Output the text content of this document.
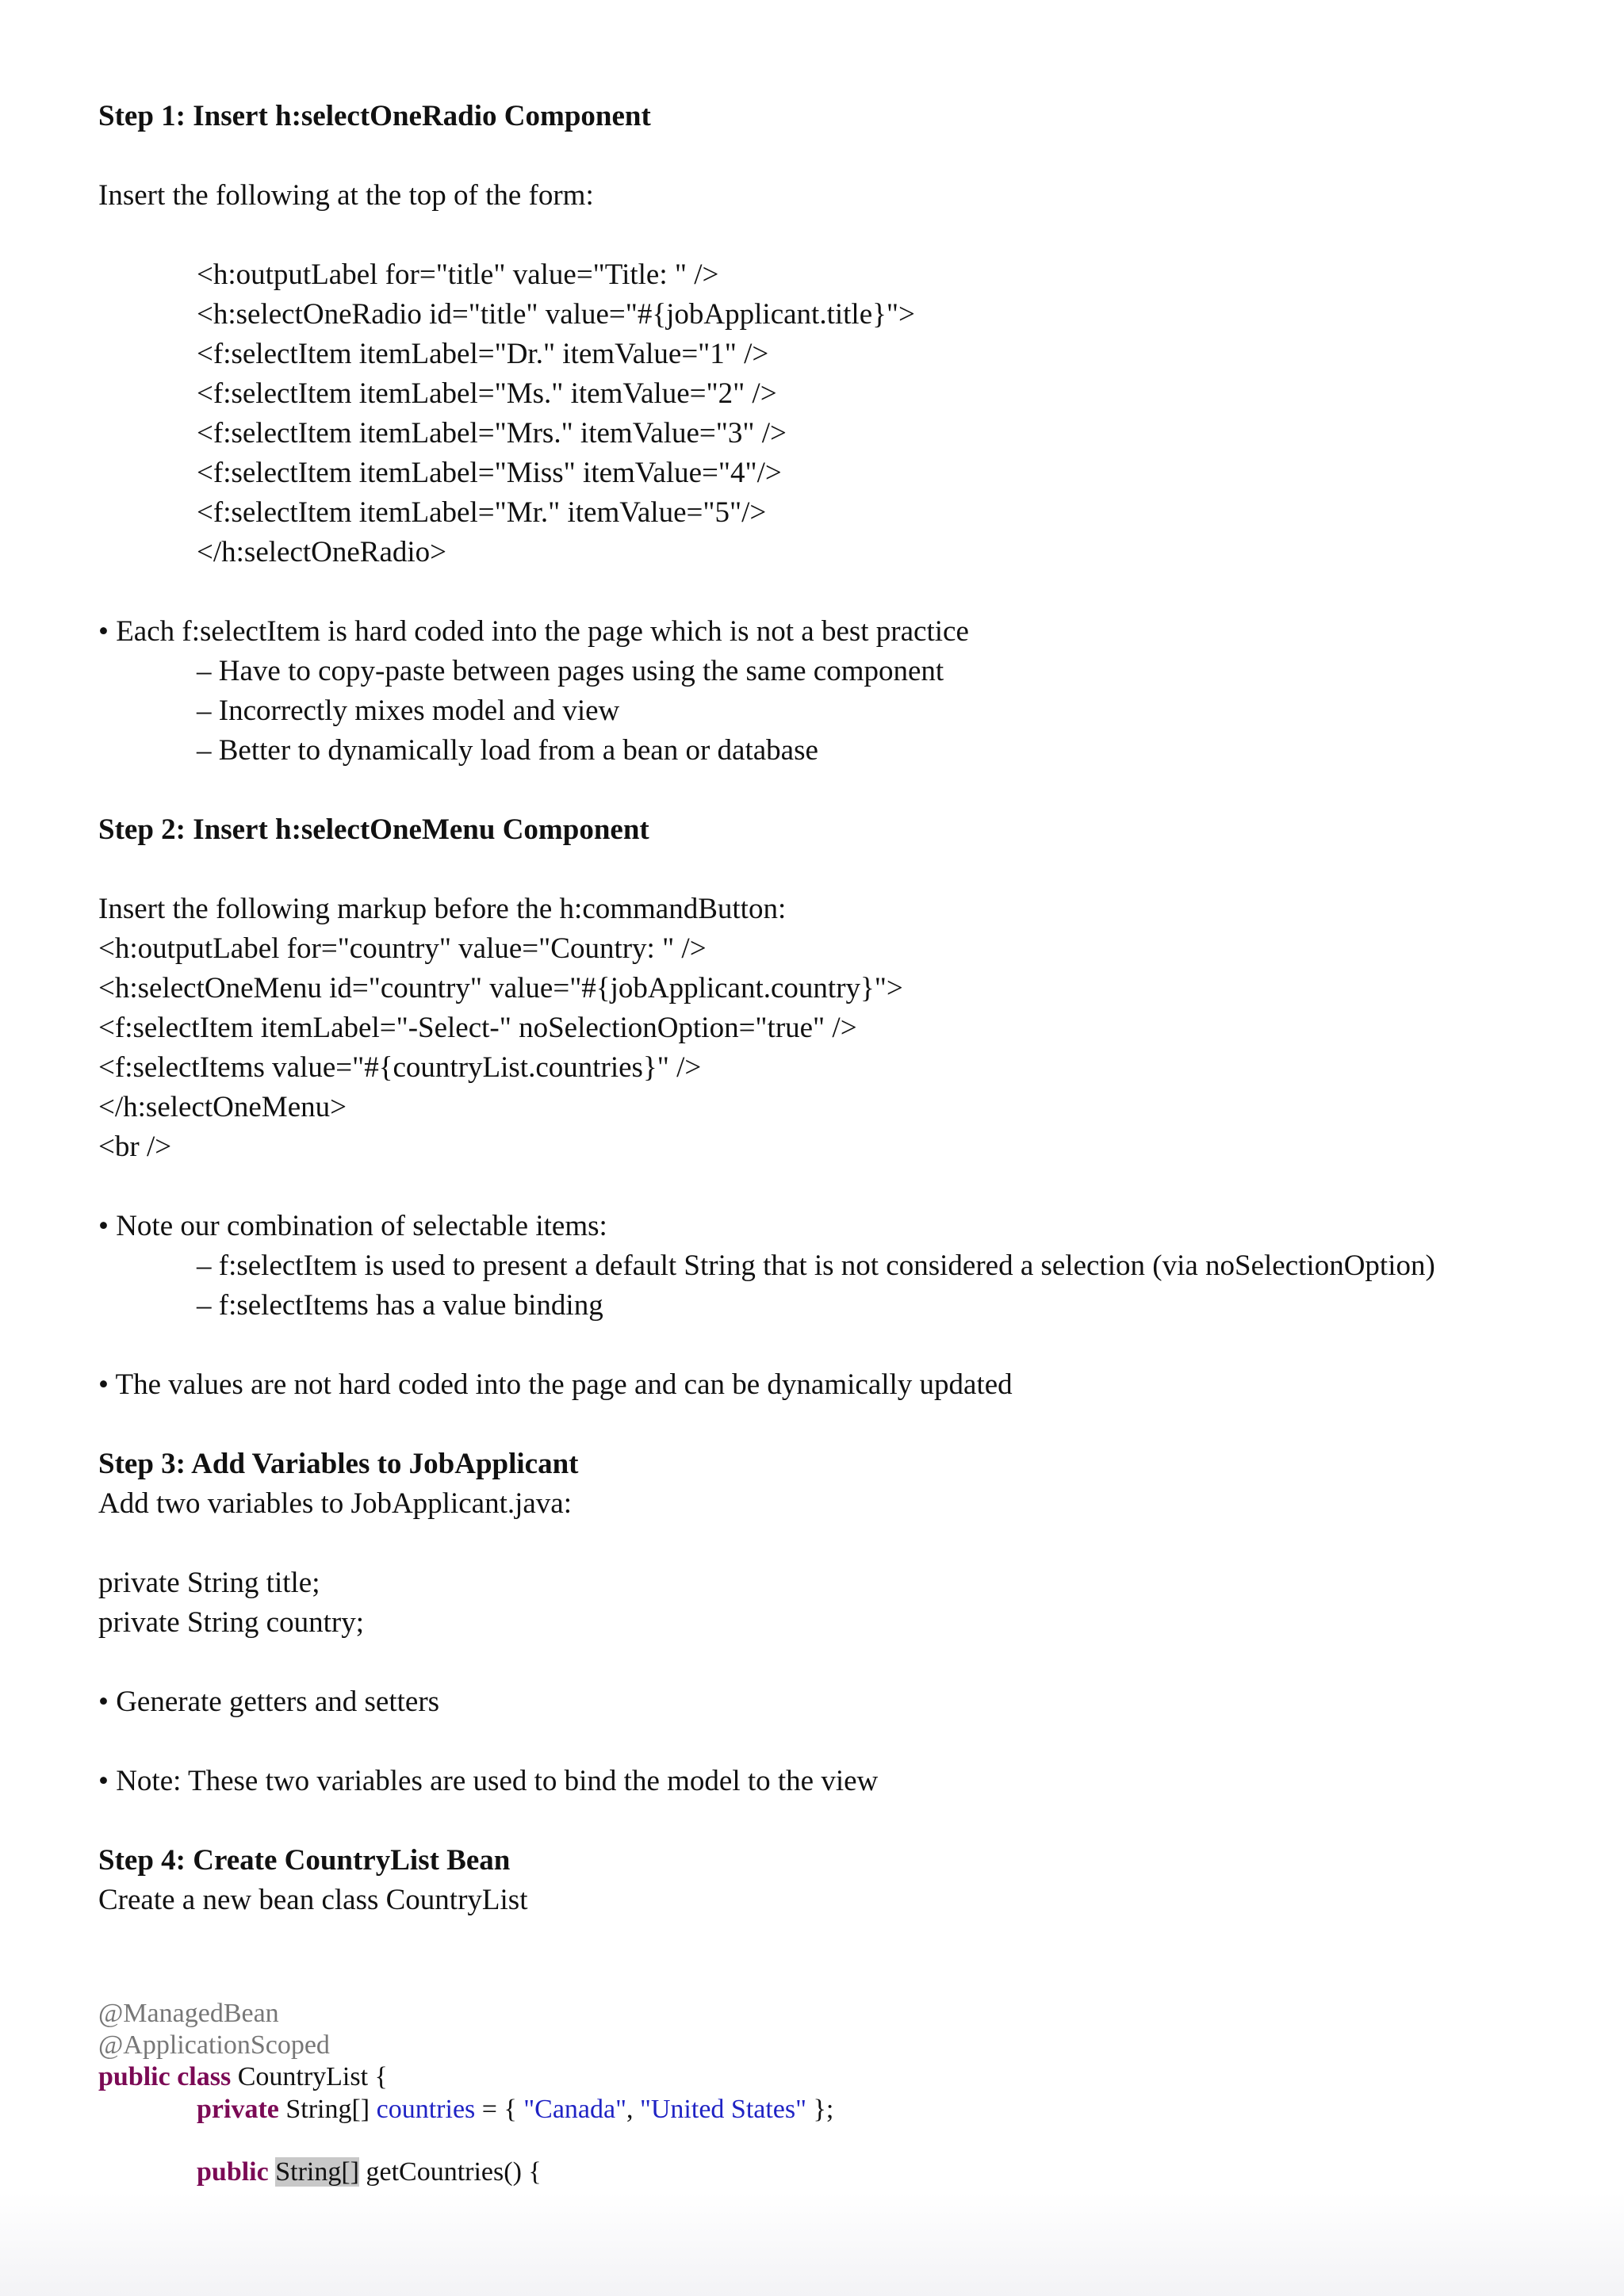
Step 1: Insert h:selectOneRadio Component
Insert the following at the top of the form:
<h:outputLabel for="title" value="Title: " />
<h:selectOneRadio id="title" value="#{jobApplicant.title}">
<f:selectItem itemLabel="Dr." itemValue="1" />
<f:selectItem itemLabel="Ms." itemValue="2" />
<f:selectItem itemLabel="Mrs." itemValue="3" />
<f:selectItem itemLabel="Miss" itemValue="4"/>
<f:selectItem itemLabel="Mr." itemValue="5"/>
</h:selectOneRadio>
• Each f:selectItem is hard coded into the page which is not a best practice
– Have to copy-paste between pages using the same component
– Incorrectly mixes model and view
– Better to dynamically load from a bean or database
Step 2: Insert h:selectOneMenu Component
Insert the following markup before the h:commandButton:
<h:outputLabel for="country" value="Country: " />
<h:selectOneMenu id="country" value="#{jobApplicant.country}">
<f:selectItem itemLabel="-Select-" noSelectionOption="true" />
<f:selectItems value="#{countryList.countries}" />
</h:selectOneMenu>
<br />
• Note our combination of selectable items:
– f:selectItem is used to present a default String that is not considered a selection (via noSelectionOption)
– f:selectItems has a value binding
• The values are not hard coded into the page and can be dynamically updated
Step 3: Add Variables to JobApplicant
Add two variables to JobApplicant.java:
private String title;
private String country;
• Generate getters and setters
• Note: These two variables are used to bind the model to the view
Step 4: Create CountryList Bean
Create a new bean class CountryList
@ManagedBean
@ApplicationScoped
public class CountryList {
private String[] countries = { "Canada", "United States" };
public String[] getCountries() {
